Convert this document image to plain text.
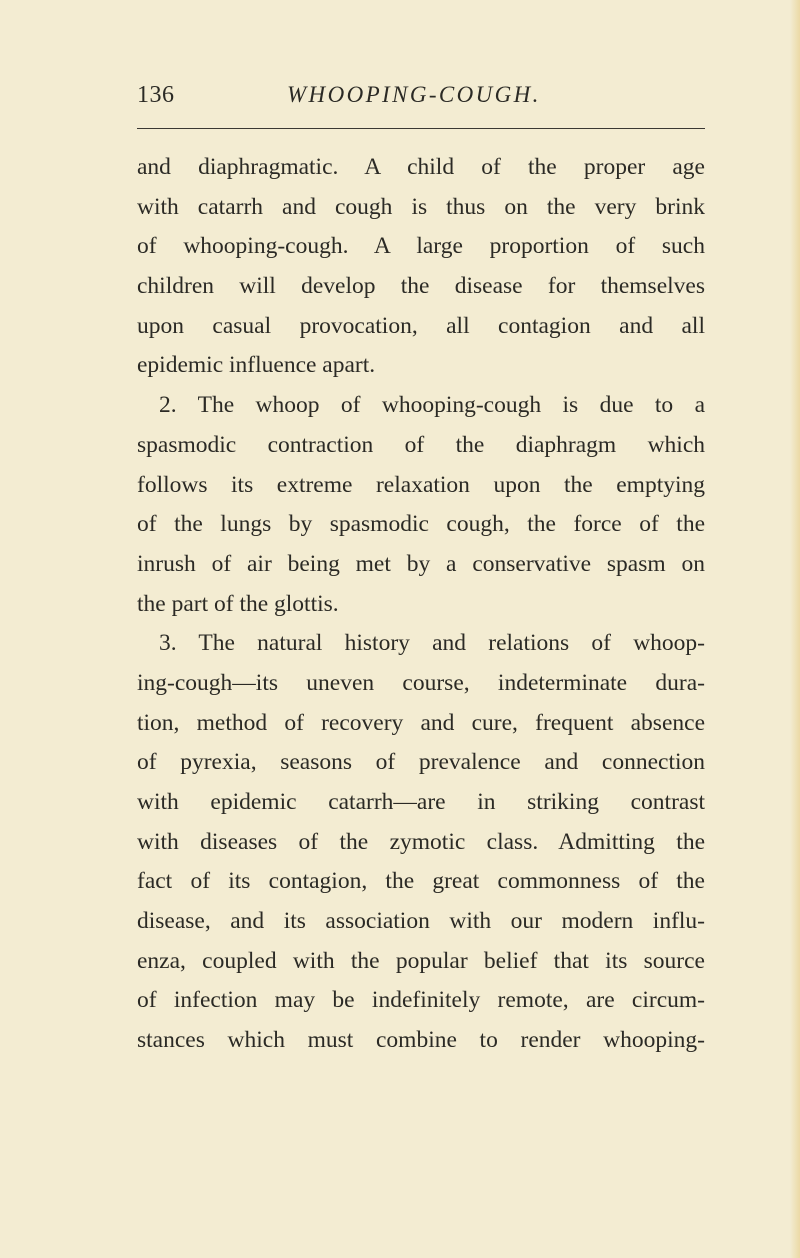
136	WHOOPING-COUGH.
and diaphragmatic. A child of the proper age
with catarrh and cough is thus on the very brink
of whooping-cough. A large proportion of such
children will develop the disease for themselves
upon casual provocation, all contagion and all
epidemic influence apart.
2. The whoop of whooping-cough is due to a
spasmodic contraction of the diaphragm which
follows its extreme relaxation upon the emptying
of the lungs by spasmodic cough, the force of the
inrush of air being met by a conservative spasm on
the part of the glottis.
3. The natural history and relations of whoop-
ing-cough—its uneven course, indeterminate dura-
tion, method of recovery and cure, frequent absence
of pyrexia, seasons of prevalence and connection
with epidemic catarrh—are in striking contrast
with diseases of the zymotic class. Admitting the
fact of its contagion, the great commonness of the
disease, and its association with our modern influ-
enza, coupled with the popular belief that its source
of infection may be indefinitely remote, are circum-
stances which must combine to render whooping-
